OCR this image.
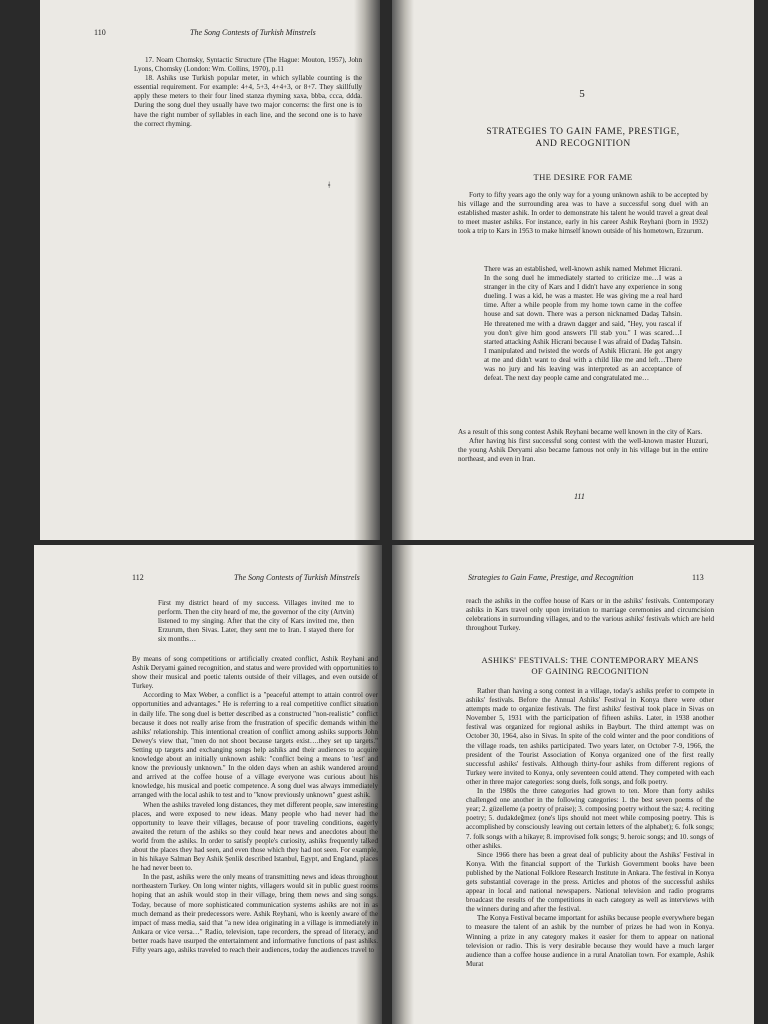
110	The Song Contests of Turkish Minstrels

17. Noam Chomsky, Syntactic Structure (The Hague: Mouton, 1957), John Lyons, Chomsky (London: Wm. Collins, 1970), p.11

18. Ashiks use Turkish popular meter, in which syllable counting is the essential requirement. For example: 4+4, 5+3, 4+4+3, or 8+7. They skillfully apply these meters to their four lined stanza rhyming xaxa, bbba, ccca, ddda. During the song duel they usually have two major concerns: the first one is to have the right number of syllables in each line, and the second one is to have the correct rhyming.

ǂ
5
STRATEGIES TO GAIN FAME, PRESTIGE,
AND RECOGNITION
THE DESIRE FOR FAME

Forty to fifty years ago the only way for a young unknown ashik to be accepted by his village and the surrounding area was to have a successful song duel with an established master ashik. In order to demonstrate his talent he would travel a great deal to meet master ashiks. For instance, early in his career Ashik Reyhani (born in 1932) took a trip to Kars in 1953 to make himself known outside of his hometown, Erzurum.

There was an established, well-known ashik named Mehmet Hicrani. In the song duel he immediately started to criticize me…I was a stranger in the city of Kars and I didn't have any experience in song dueling. I was a kid, he was a master. He was giving me a real hard time. After a while people from my home town came in the coffee house and sat down. There was a person nicknamed Dadaş Tahsin. He threatened me with a drawn dagger and said, "Hey, you rascal if you don't give him good answers I'll stab you." I was scared…I started attacking Ashik Hicrani because I was afraid of Dadaş Tahsin. I manipulated and twisted the words of Ashik Hicrani. He got angry at me and didn't want to deal with a child like me and left…There was no jury and his leaving was interpreted as an acceptance of defeat. The next day people came and congratulated me…

As a result of this song contest Ashik Reyhani became well known in the city of Kars.

After having his first successful song contest with the well-known master Huzuri, the young Ashik Deryami also became famous not only in his village but in the entire northeast, and even in Iran.

111
112	The Song Contests of Turkish Minstrels

First my district heard of my success. Villages invited me to perform. Then the city heard of me, the governor of the city (Artvin) listened to my singing. After that the city of Kars invited me, then Erzurum, then Sivas. Later, they sent me to Iran. I stayed there for six months…

By means of song competitions or artificially created conflict, Ashik Reyhani and Ashik Deryami gained recognition, and status and were provided with opportunities to show their musical and poetic talents outside of their villages, and even outside of Turkey.

According to Max Weber, a conflict is a "peaceful attempt to attain control over opportunities and advantages." He is referring to a real competitive conflict situation in daily life. The song duel is better described as a constructed "non-realistic" conflict because it does not really arise from the frustration of specific demands within the ashiks' relationship. This intentional creation of conflict among ashiks supports John Dewey's view that, "men do not shoot because targets exist….they set up targets." Setting up targets and exchanging songs help ashiks and their audiences to acquire knowledge about an initially unknown ashik: "conflict being a means to 'test' and know the previously unknown." In the olden days when an ashik wandered around and arrived at the coffee house of a village everyone was curious about his knowledge, his musical and poetic competence. A song duel was always immediately arranged with the local ashik to test and to "know previously unknown" guest ashik.

When the ashiks traveled long distances, they met different people, saw interesting places, and were exposed to new ideas. Many people who had never had the opportunity to leave their villages, because of poor traveling conditions, eagerly awaited the return of the ashiks so they could hear news and anecdotes about the world from the ashiks. In order to satisfy people's curiosity, ashiks frequently talked about the places they had seen, and even those which they had not seen. For example, in his hikaye Salman Bey Ashik Şenlik described Istanbul, Egypt, and England, places he had never been to.

In the past, ashiks were the only means of transmitting news and ideas throughout northeastern Turkey. On long winter nights, villagers would sit in public guest rooms hoping that an ashik would stop in their village, bring them news and sing songs. Today, because of more sophisticated communication systems ashiks are not in as much demand as their predecessors were. Ashik Reyhani, who is keenly aware of the impact of mass media, said that "a new idea originating in a village is immediately in Ankara or vice versa…" Radio, television, tape recorders, the spread of literacy, and better roads have usurped the entertainment and informative functions of past ashiks. Fifty years ago, ashiks traveled to reach their audiences, today the audiences travel to

Strategies to Gain Fame, Prestige, and Recognition	113

reach the ashiks in the coffee house of Kars or in the ashiks' festivals. Contemporary ashiks in Kars travel only upon invitation to marriage ceremonies and circumcision celebrations in surrounding villages, and to the various ashiks' festivals which are held throughout Turkey.

ASHIKS' FESTIVALS: THE CONTEMPORARY MEANS
OF GAINING RECOGNITION

Rather than having a song contest in a village, today's ashiks prefer to compete in ashiks' festivals. Before the Annual Ashiks' Festival in Konya there were other attempts made to organize festivals. The first ashiks' festival took place in Sivas on November 5, 1931 with the participation of fifteen ashiks. Later, in 1938 another festival was organized for regional ashiks in Bayburt. The third attempt was on October 30, 1964, also in Sivas. In spite of the cold winter and the poor conditions of the village roads, ten ashiks participated. Two years later, on October 7-9, 1966, the president of the Tourist Association of Konya organized one of the first really successful ashiks' festivals. Although thirty-four ashiks from different regions of Turkey were invited to Konya, only seventeen could attend. They competed with each other in three major categories: song duels, folk songs, and folk poetry.

In the 1980s the three categories had grown to ten. More than forty ashiks challenged one another in the following categories: 1. the best seven poems of the year; 2. güzelleme (a poetry of praise); 3. composing poetry without the saz; 4. reciting poetry; 5. dudakdeğmez (one's lips should not meet while composing poetry. This is accomplished by consciously leaving out certain letters of the alphabet); 6. folk songs; 7. folk songs with a hikaye; 8. improvised folk songs; 9. heroic songs; and 10. songs of other ashiks.

Since 1966 there has been a great deal of publicity about the Ashiks' Festival in Konya. With the financial support of the Turkish Government books have been published by the National Folklore Research Institute in Ankara. The festival in Konya gets substantial coverage in the press. Articles and photos of the successful ashiks appear in local and national newspapers. National television and radio programs broadcast the results of the competitions in each category as well as interviews with the winners during and after the festival.

The Konya Festival became important for ashiks because people everywhere began to measure the talent of an ashik by the number of prizes he had won in Konya. Winning a prize in any category makes it easier for them to appear on national television or radio. This is very desirable because they would have a much larger audience than a coffee house audience in a rural Anatolian town. For example, Ashik Murat
